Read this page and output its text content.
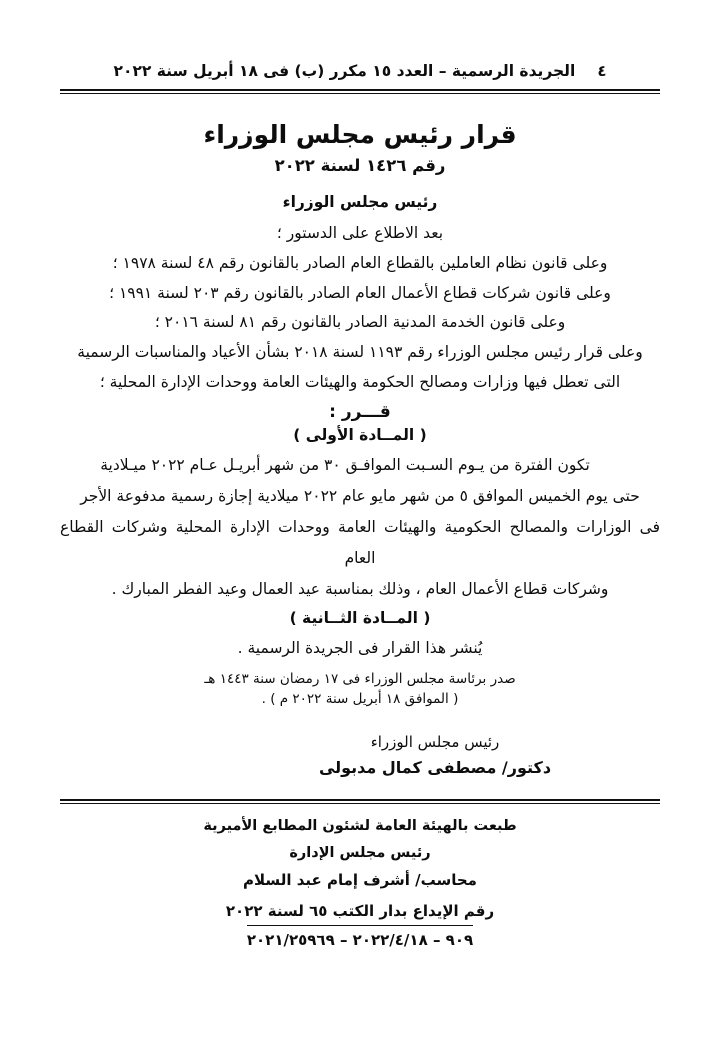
٤
الجريدة الرسمية – العدد ١٥ مكرر (ب) فى ١٨ أبريل سنة ٢٠٢٢
قرار رئيس مجلس الوزراء
رقم ١٤٢٦ لسنة ٢٠٢٢
رئيس مجلس الوزراء
بعد الاطلاع على الدستور ؛
وعلى قانون نظام العاملين بالقطاع العام الصادر بالقانون رقم ٤٨ لسنة ١٩٧٨ ؛
وعلى قانون شركات قطاع الأعمال العام الصادر بالقانون رقم ٢٠٣ لسنة ١٩٩١ ؛
وعلى قانون الخدمة المدنية الصادر بالقانون رقم ٨١ لسنة ٢٠١٦ ؛
وعلى قرار رئيس مجلس الوزراء رقم ١١٩٣ لسنة ٢٠١٨ بشأن الأعياد والمناسبات الرسمية
التى تعطل فيها وزارات ومصالح الحكومة والهيئات العامة ووحدات الإدارة المحلية ؛
قـــرر :
( المــادة الأولى )
تكون الفترة من يـوم السـبت الموافـق ٣٠ من شهر أبريـل عـام ٢٠٢٢ ميـلادية
حتى يوم الخميس الموافق ٥ من شهر مايو عام ٢٠٢٢ ميلادية إجازة رسمية مدفوعة الأجر
فى الوزارات والمصالح الحكومية والهيئات العامة ووحدات الإدارة المحلية وشركات القطاع العام
وشركات قطاع الأعمال العام ، وذلك بمناسبة عيد العمال وعيد الفطر المبارك .
( المــادة الثــانية )
يُنشر هذا القرار فى الجريدة الرسمية .
صدر برئاسة مجلس الوزراء فى ١٧ رمضان سنة ١٤٤٣ هـ
( الموافق ١٨ أبريل سنة ٢٠٢٢ م ) .
رئيس مجلس الوزراء
دكتور/ مصطفى كمال مدبولى
طبعت بالهيئة العامة لشئون المطابع الأميرية
رئيس مجلس الإدارة
محاسب/ أشرف إمام عبد السلام
رقم الإيداع بدار الكتب ٦٥ لسنة ٢٠٢٢
٢٠٢١/٢٥٩٦٩ – ٢٠٢٢/٤/١٨ – ٩٠٩
